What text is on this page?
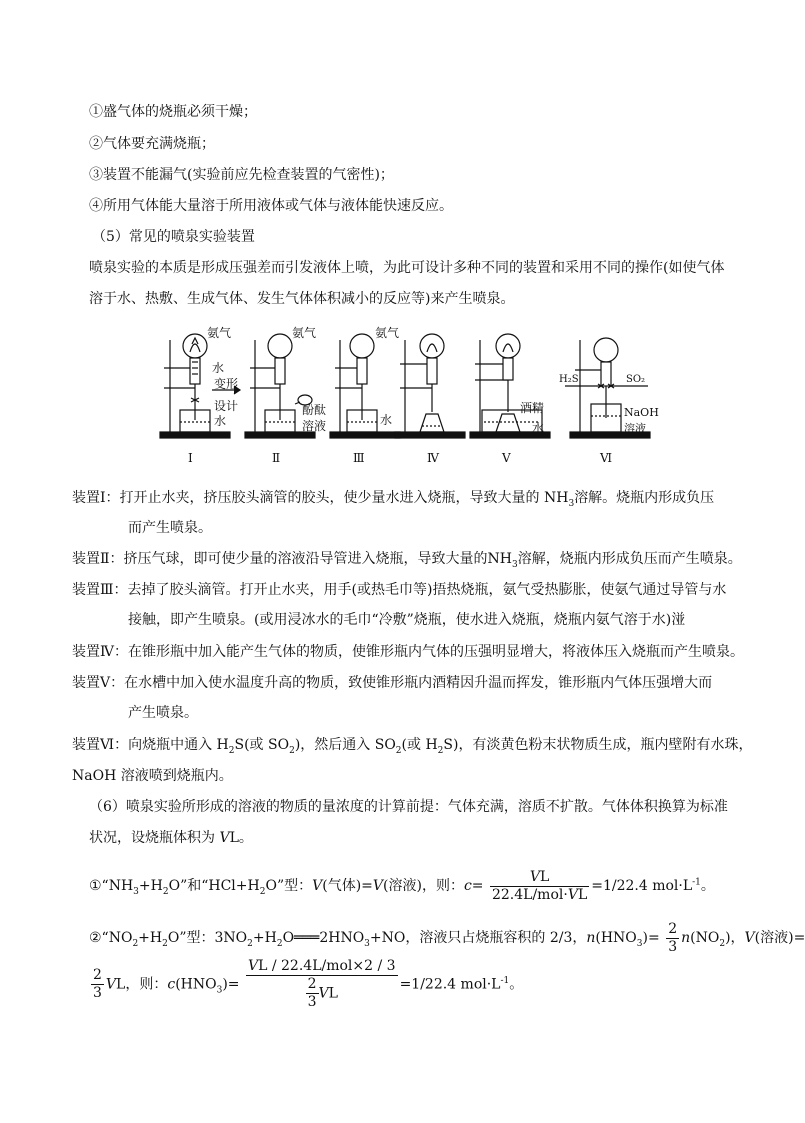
①盛气体的烧瓶必须干燥；
②气体要充满烧瓶；
③装置不能漏气(实验前应先检查装置的气密性)；
④所用气体能大量溶于所用液体或气体与液体能快速反应。
（5）常见的喷泉实验装置
喷泉实验的本质是形成压强差而引发液体上喷，为此可设计多种不同的装置和采用不同的操作(如使气体
溶于水、热敷、生成气体、发生气体体积减小的反应等)来产生喷泉。
氨气
水
变形
设计
水
氨气
酚酞
溶液
氨气
水
酒精
水
H₂S	SO₂
NaOH
溶液
Ⅰ	Ⅱ	Ⅲ	Ⅳ	Ⅴ	Ⅵ
装置Ⅰ：打开止水夹，挤压胶头滴管的胶头，使少量水进入烧瓶，导致大量的 $NH_3$溶解。烧瓶内形成负压
而产生喷泉。
装置Ⅱ：挤压气球，即可使少量的溶液沿导管进入烧瓶，导致大量的$NH_3$溶解，烧瓶内形成负压而产生喷泉。
装置Ⅲ：去掉了胶头滴管。打开止水夹，用手(或热毛巾等)捂热烧瓶，氨气受热膨胀，使氨气通过导管与水
接触，即产生喷泉。(或用浸冰水的毛巾“冷敷”烧瓶，使水进入烧瓶，烧瓶内氨气溶于水)湴
装置Ⅳ：在锥形瓶中加入能产生气体的物质，使锥形瓶内气体的压强明显增大，将液体压入烧瓶而产生喷泉。
装置Ⅴ：在水槽中加入使水温度升高的物质，致使锥形瓶内酒精因升温而挥发，锥形瓶内气体压强增大而
产生喷泉。
装置Ⅵ：向烧瓶中通入 $H_2S$(或 $SO_2$)，然后通入 $SO_2$(或 $H_2S$)，有淡黄色粉末状物质生成，瓶内壁附有水珠，
NaOH 溶液喷到烧瓶内。
（6）喷泉实验所形成的溶液的物质的量浓度的计算前提：气体充满，溶质不扩散。气体体积换算为标准
状况，设烧瓶体积为 VL。
$①“NH_3+H_2O$”和“$HCl+H_2O$”型：V(气体)=V(溶液)，则：$c= \frac{VL}{\text{22.4L/mol·VL}} =1/22.4$ $mol\cdot L^{-1}$。
$②“NO_2+H_2O$”型：$3NO_2+H_2O═══2HNO_3+NO$，溶液只占烧瓶容积的 2/3，$n(HNO_3)= \frac{2}{3} n(NO_2)$，V(溶液)=
$\frac{2}{3}$ VL，则：$c(HNO_3)= \frac{\text{VL / 22.4L/mol×2 / 3}}{\frac{2}{3} VL} =1/22.4$ $mol\cdot L^{-1}$。
